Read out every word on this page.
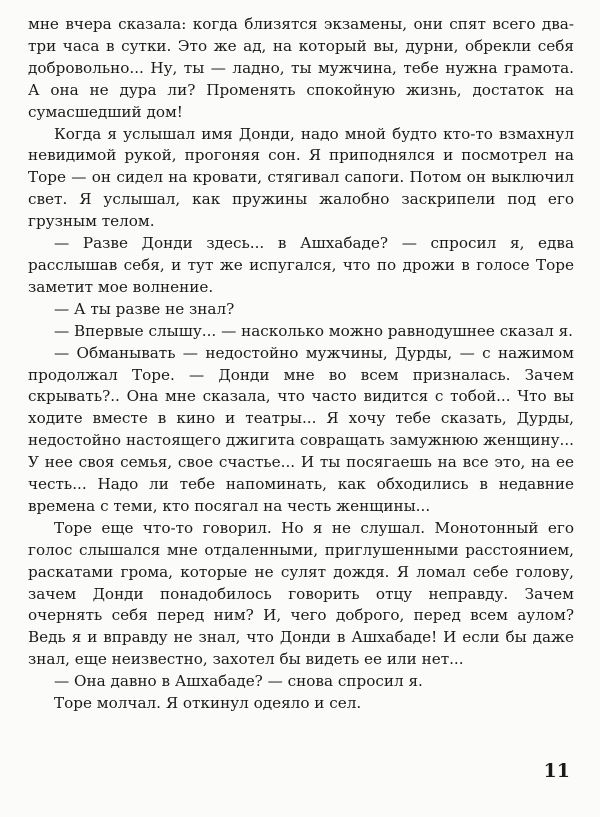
мне вчера сказала: когда близятся экзамены, они спят всего два-три часа в сутки. Это же ад, на который вы, дурни, обрекли себя добровольно... Ну, ты — ладно, ты мужчина, тебе нужна грамота. А она не дура ли? Променять спокойную жизнь, достаток на сумасшедший дом!

Когда я услышал имя Донди, надо мной будто кто-то взмахнул невидимой рукой, прогоняя сон. Я приподнялся и посмотрел на Торе — он сидел на кровати, стягивал сапоги. Потом он выключил свет. Я услышал, как пружины жалобно заскрипели под его грузным телом.

— Разве Донди здесь... в Ашхабаде? — спросил я, едва расслышав себя, и тут же испугался, что по дрожи в голосе Торе заметит мое волнение.

— А ты разве не знал?

— Впервые слышу... — насколько можно равнодушнее сказал я.

— Обманывать — недостойно мужчины, Дурды, — с нажимом продолжал Торе. — Донди мне во всем призналась. Зачем скрывать?.. Она мне сказала, что часто видится с тобой... Что вы ходите вместе в кино и театры... Я хочу тебе сказать, Дурды, недостойно настоящего джигита совращать замужнюю женщину... У нее своя семья, свое счастье... И ты посягаешь на все это, на ее честь... Надо ли тебе напоминать, как обходились в недавние времена с теми, кто посягал на честь женщины...

Торе еще что-то говорил. Но я не слушал. Монотонный его голос слышался мне отдаленными, приглушенными расстоянием, раскатами грома, которые не сулят дождя. Я ломал себе голову, зачем Донди понадобилось говорить отцу неправду. Зачем очернять себя перед ним? И, чего доброго, перед всем аулом? Ведь я и вправду не знал, что Донди в Ашхабаде! И если бы даже знал, еще неизвестно, захотел бы видеть ее или нет...

— Она давно в Ашхабаде? — снова спросил я.

Торе молчал. Я откинул одеяло и сел.

11
